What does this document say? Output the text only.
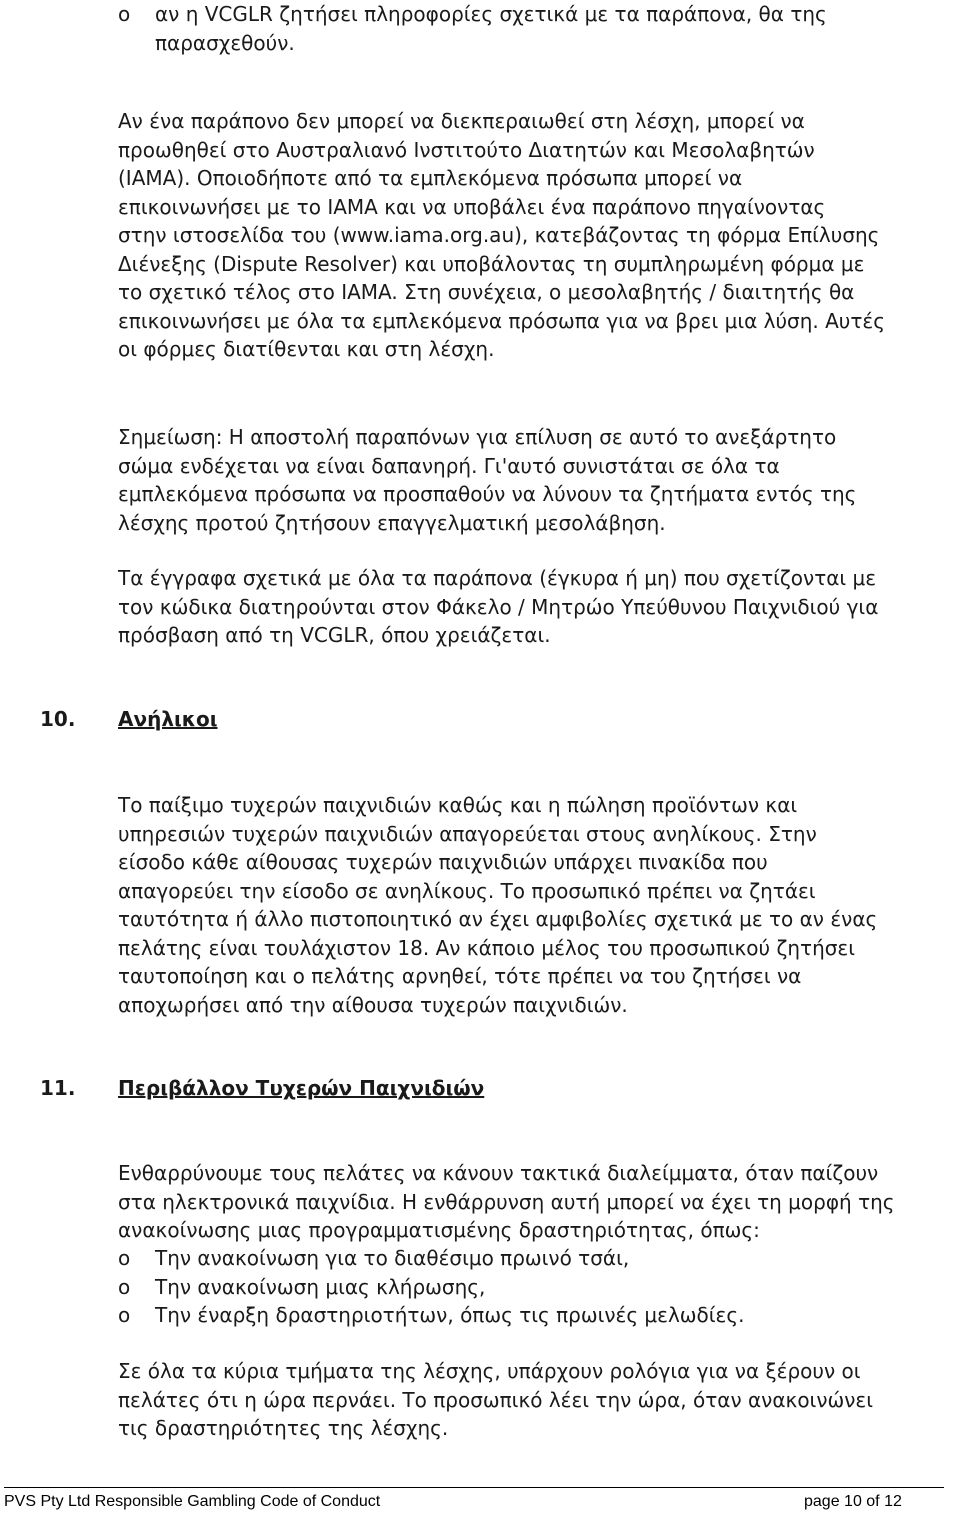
o αν η VCGLR ζητήσει πληροφορίες σχετικά με τα παράπονα, θα της
παρασχεθούν.
Αν ένα παράπονο δεν μπορεί να διεκπεραιωθεί στη λέσχη, μπορεί να
προωθηθεί στο Αυστραλιανό Ινστιτούτο Διατητών και Μεσολαβητών
(IAMA). Οποιοδήποτε από τα εμπλεκόμενα πρόσωπα μπορεί να
επικοινωνήσει με το IAMA και να υποβάλει ένα παράπονο πηγαίνοντας
στην ιστοσελίδα του (www.iama.org.au), κατεβάζοντας τη φόρμα Επίλυσης
Διένεξης (Dispute Resolver) και υποβάλοντας τη συμπληρωμένη φόρμα με
το σχετικό τέλος στο IAMA. Στη συνέχεια, ο μεσολαβητής / διαιτητής θα
επικοινωνήσει με όλα τα εμπλεκόμενα πρόσωπα για να βρει μια λύση. Αυτές
οι φόρμες διατίθενται και στη λέσχη.
Σημείωση: Η αποστολή παραπόνων για επίλυση σε αυτό το ανεξάρτητο
σώμα ενδέχεται να είναι δαπανηρή. Γι'αυτό συνιστάται σε όλα τα
εμπλεκόμενα πρόσωπα να προσπαθούν να λύνουν τα ζητήματα εντός της
λέσχης προτού ζητήσουν επαγγελματική μεσολάβηση.
Τα έγγραφα σχετικά με όλα τα παράπονα (έγκυρα ή μη) που σχετίζονται με
τον κώδικα διατηρούνται στον Φάκελο / Μητρώο Υπεύθυνου Παιχνιδιού για
πρόσβαση από τη VCGLR, όπου χρειάζεται.
10. Ανήλικοι
Το παίξιμο τυχερών παιχνιδιών καθώς και η πώληση προϊόντων και
υπηρεσιών τυχερών παιχνιδιών απαγορεύεται στους ανηλίκους. Στην
είσοδο κάθε αίθουσας τυχερών παιχνιδιών υπάρχει πινακίδα που
απαγορεύει την είσοδο σε ανηλίκους. Το προσωπικό πρέπει να ζητάει
ταυτότητα ή άλλο πιστοποιητικό αν έχει αμφιβολίες σχετικά με το αν ένας
πελάτης είναι τουλάχιστον 18. Αν κάποιο μέλος του προσωπικού ζητήσει
ταυτοποίηση και ο πελάτης αρνηθεί, τότε πρέπει να του ζητήσει να
αποχωρήσει από την αίθουσα τυχερών παιχνιδιών.
11. Περιβάλλον Τυχερών Παιχνιδιών
Ενθαρρύνουμε τους πελάτες να κάνουν τακτικά διαλείμματα, όταν παίζουν
στα ηλεκτρονικά παιχνίδια. Η ενθάρρυνση αυτή μπορεί να έχει τη μορφή της
ανακοίνωσης μιας προγραμματισμένης δραστηριότητας, όπως:
o Την ανακοίνωση για το διαθέσιμο πρωινό τσάι,
o Την ανακοίνωση μιας κλήρωσης,
o Την έναρξη δραστηριοτήτων, όπως τις πρωινές μελωδίες.
Σε όλα τα κύρια τμήματα της λέσχης, υπάρχουν ρολόγια για να ξέρουν οι
πελάτες ότι η ώρα περνάει. Το προσωπικό λέει την ώρα, όταν ανακοινώνει
τις δραστηριότητες της λέσχης.
PVS Pty Ltd Responsible Gambling Code of Conduct	page 10 of 12
